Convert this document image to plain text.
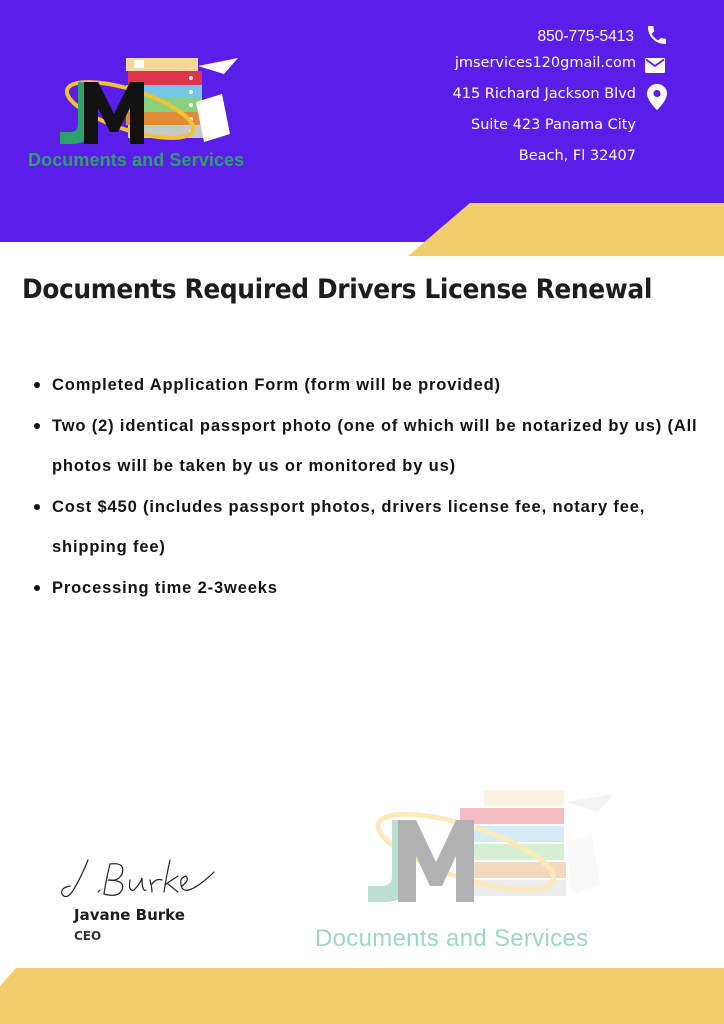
Documents and Services
850-775-5413
jmservices120gmail.com
415 Richard Jackson Blvd
Suite 423 Panama City
Beach, Fl 32407
Documents Required Drivers License Renewal
Completed Application Form (form will be provided)
Two (2) identical passport photo (one of which will be notarized by us) (All photos will be taken by us or monitored by us)
Cost $450 (includes passport photos, drivers license fee, notary fee, shipping fee)
Processing time 2-3weeks
Javane Burke
CEO	Documents and Services
